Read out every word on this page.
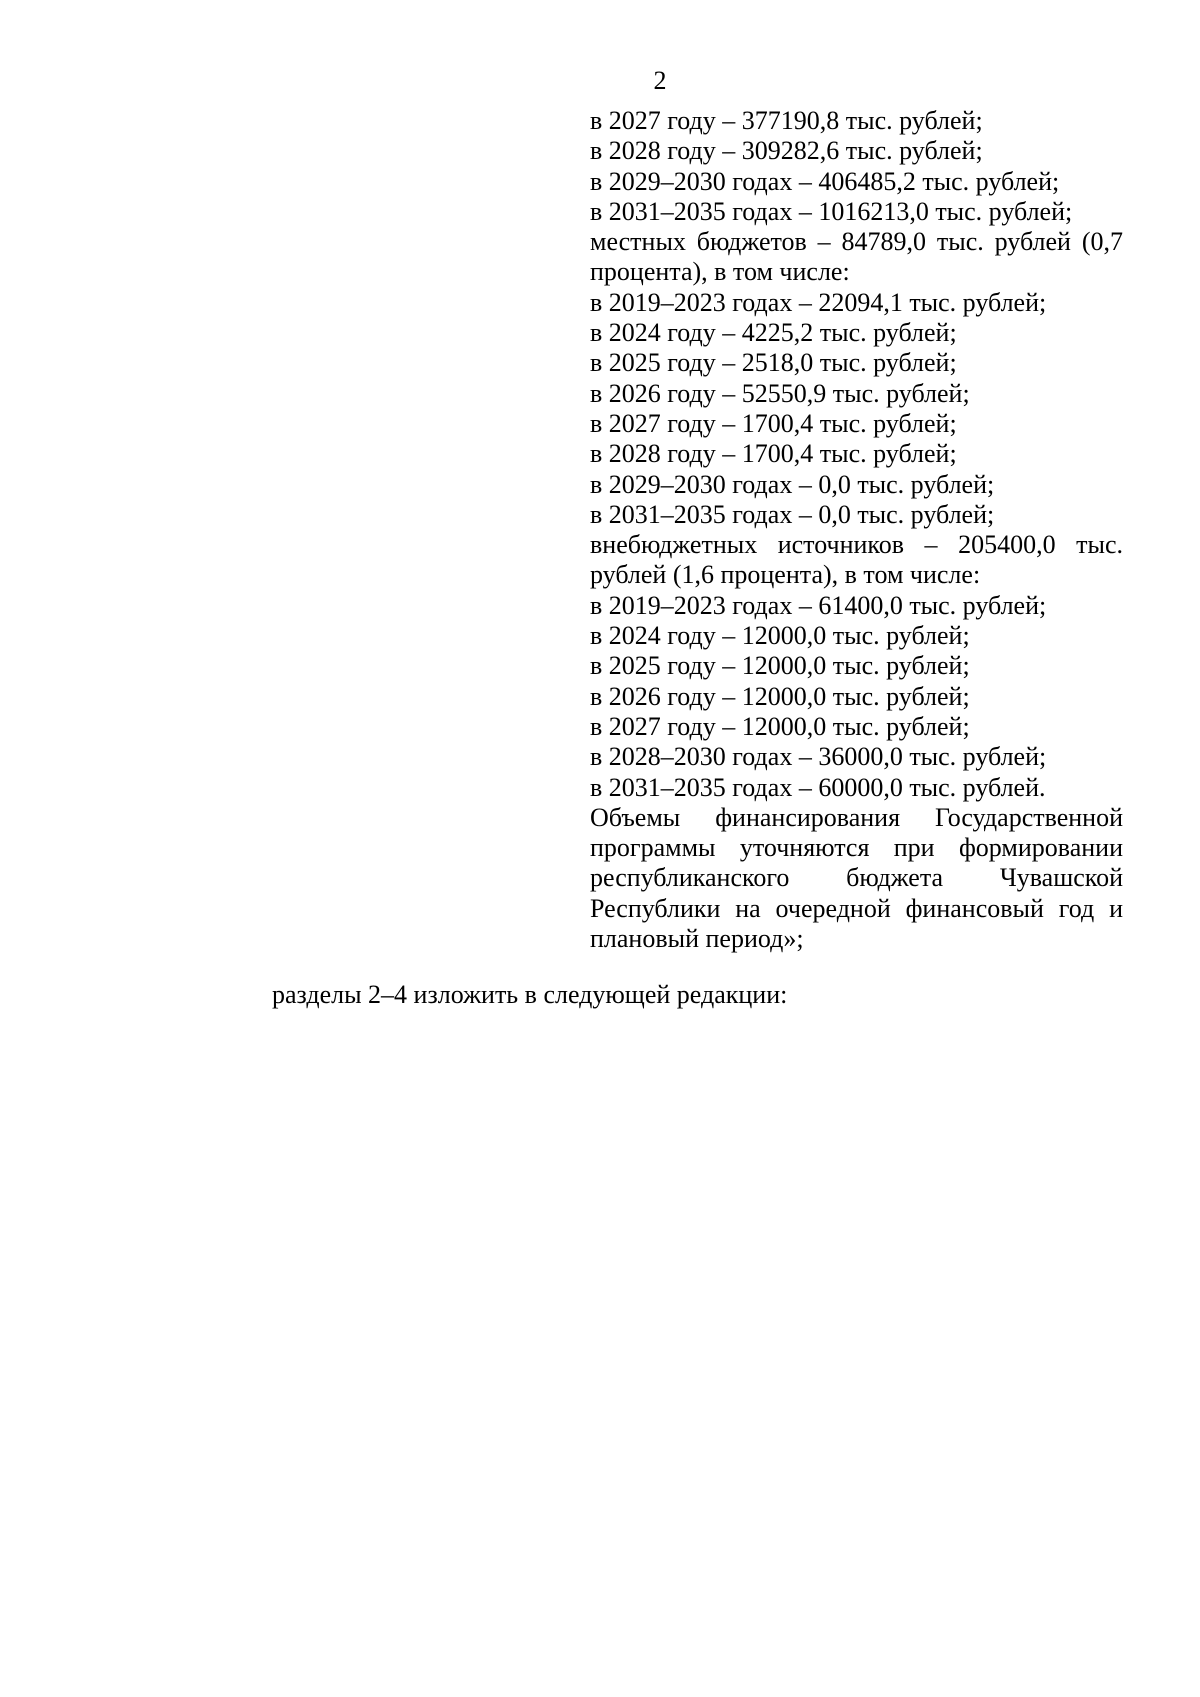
2
в 2027 году – 377190,8 тыс. рублей;
в 2028 году – 309282,6 тыс. рублей;
в 2029–2030 годах – 406485,2 тыс. рублей;
в 2031–2035 годах – 1016213,0 тыс. рублей;
местных бюджетов – 84789,0 тыс. рублей (0,7 процента), в том числе:
в 2019–2023 годах – 22094,1 тыс. рублей;
в 2024 году – 4225,2 тыс. рублей;
в 2025 году – 2518,0 тыс. рублей;
в 2026 году – 52550,9 тыс. рублей;
в 2027 году – 1700,4 тыс. рублей;
в 2028 году – 1700,4 тыс. рублей;
в 2029–2030 годах – 0,0 тыс. рублей;
в 2031–2035 годах – 0,0 тыс. рублей;
внебюджетных источников – 205400,0 тыс. рублей (1,6 процента), в том числе:
в 2019–2023 годах – 61400,0 тыс. рублей;
в 2024 году – 12000,0 тыс. рублей;
в 2025 году – 12000,0 тыс. рублей;
в 2026 году – 12000,0 тыс. рублей;
в 2027 году – 12000,0 тыс. рублей;
в 2028–2030 годах – 36000,0 тыс. рублей;
в 2031–2035 годах – 60000,0 тыс. рублей.
Объемы финансирования Государственной программы уточняются при формировании республиканского бюджета Чувашской Республики на очередной финансовый год и плановый период»;
разделы 2–4 изложить в следующей редакции:
